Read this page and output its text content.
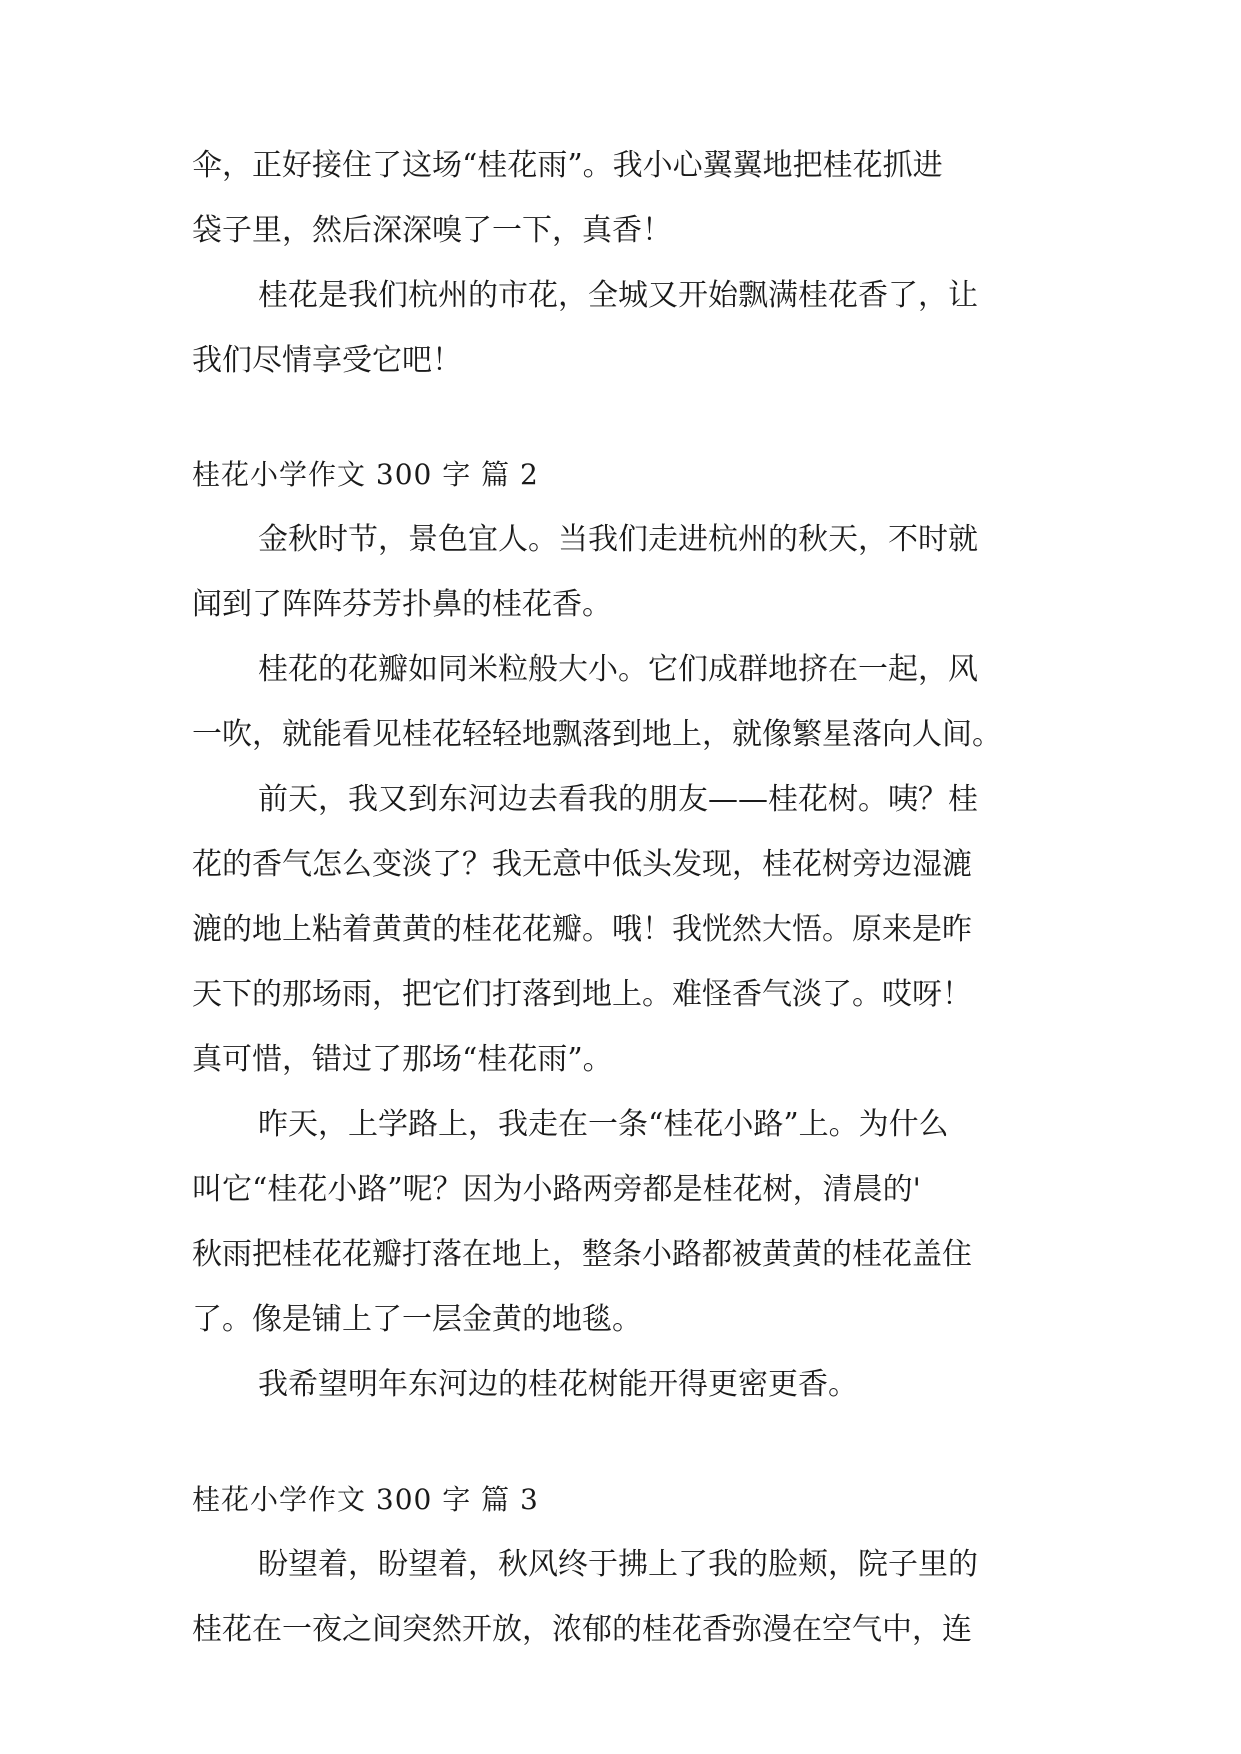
伞，正好接住了这场“桂花雨”。我小心翼翼地把桂花抓进
袋子里，然后深深嗅了一下，真香！
桂花是我们杭州的市花，全城又开始飘满桂花香了，让
我们尽情享受它吧！
桂花小学作文 300 字 篇 2
金秋时节，景色宜人。当我们走进杭州的秋天，不时就
闻到了阵阵芬芳扑鼻的桂花香。
桂花的花瓣如同米粒般大小。它们成群地挤在一起，风
一吹，就能看见桂花轻轻地飘落到地上，就像繁星落向人间。
前天，我又到东河边去看我的朋友——桂花树。咦？桂
花的香气怎么变淡了？我无意中低头发现，桂花树旁边湿漉
漉的地上粘着黄黄的桂花花瓣。哦！我恍然大悟。原来是昨
天下的那场雨，把它们打落到地上。难怪香气淡了。哎呀！
真可惜，错过了那场“桂花雨”。
昨天，上学路上，我走在一条“桂花小路”上。为什么
叫它“桂花小路”呢？因为小路两旁都是桂花树，清晨的'
秋雨把桂花花瓣打落在地上，整条小路都被黄黄的桂花盖住
了。像是铺上了一层金黄的地毯。
我希望明年东河边的桂花树能开得更密更香。
桂花小学作文 300 字 篇 3
盼望着，盼望着，秋风终于拂上了我的脸颊，院子里的
桂花在一夜之间突然开放，浓郁的桂花香弥漫在空气中，连
